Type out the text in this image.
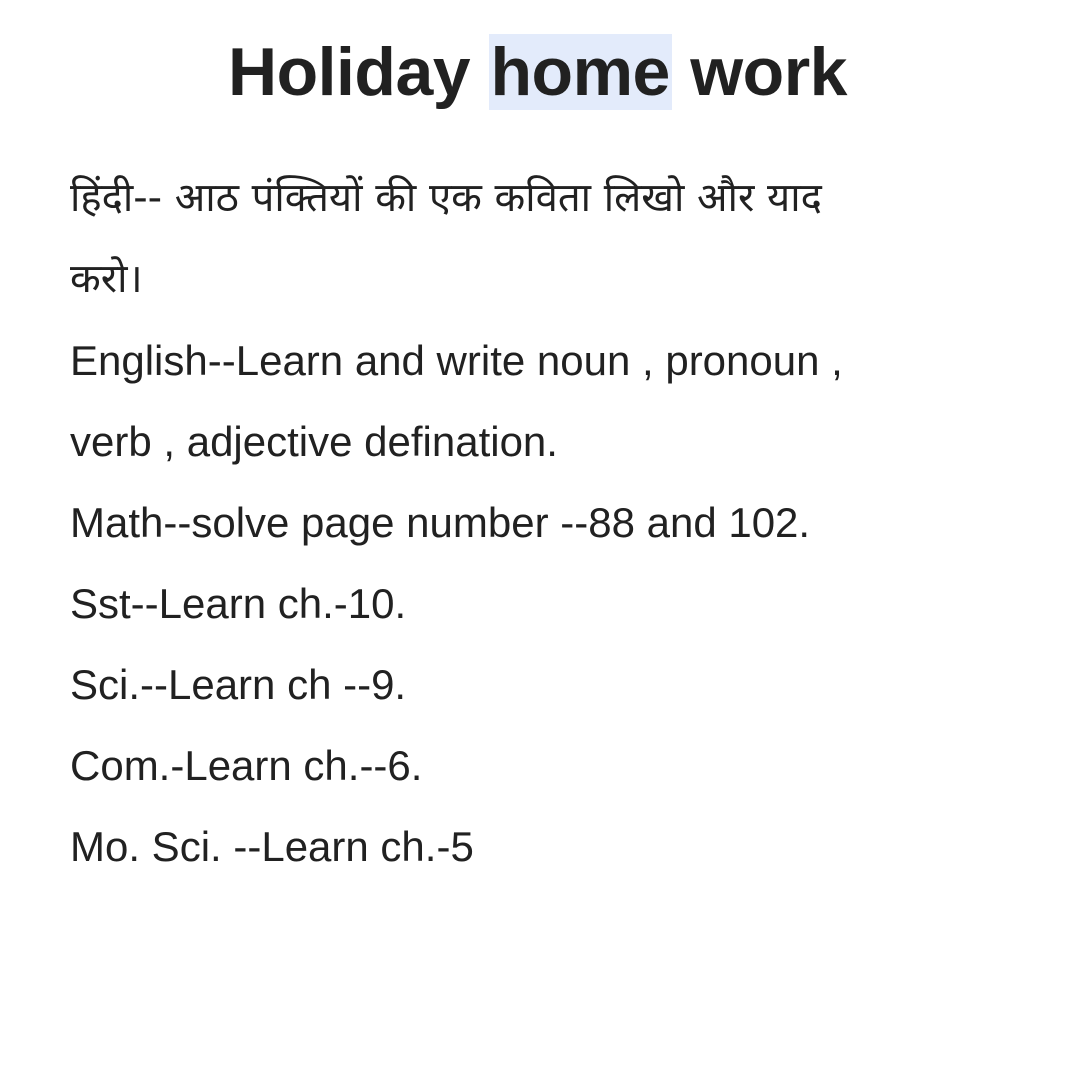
Holiday home work
हिंदी-- आठ पंक्तियों की एक कविता लिखो और याद
करो।
English--Learn and write noun , pronoun ,
verb , adjective defination.
Math--solve page number --88 and 102.
Sst--Learn ch.-10.
Sci.--Learn ch --9.
Com.-Learn ch.--6.
Mo. Sci. --Learn ch.-5
